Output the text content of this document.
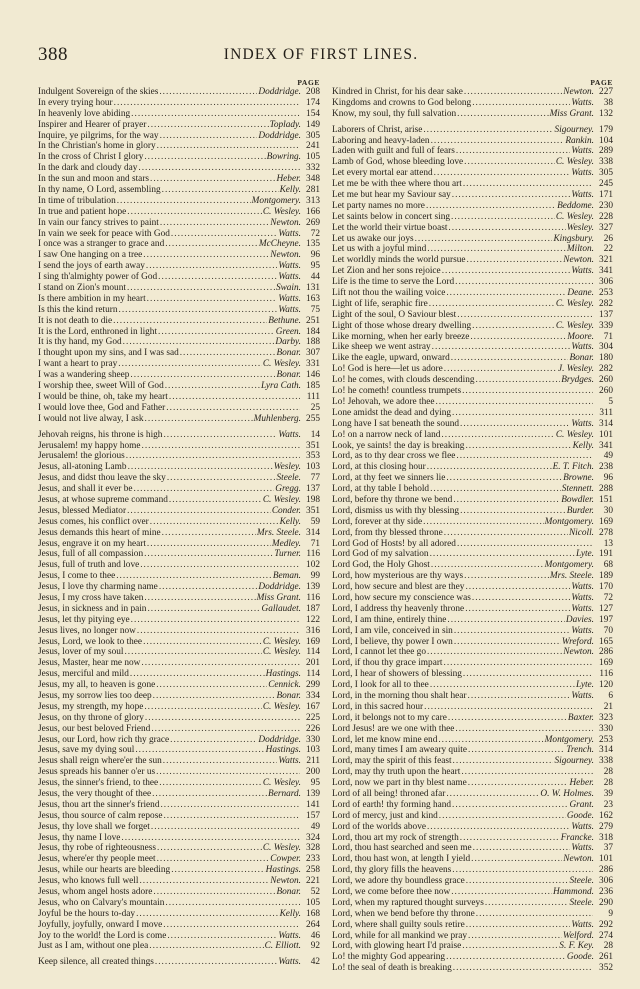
388	INDEX OF FIRST LINES.
PAGE
Indulgent Sovereign of the skies .....	Doddridge. 208
In every trying hour .....	174
In heavenly love abiding .....	154
Inspirer and Hearer of prayer .....	Toplady. 149
Inquire, ye pilgrims, for the way .....	Doddridge. 305
In the Christian's home in glory .....	241
In the cross of Christ I glory .....	Bowring. 105
In the dark and cloudy day .....	332
In the sun and moon and stars .....	Heber. 348
In thy name, O Lord, assembling .....	Kelly. 281
In time of tribulation .....	Montgomery. 313
In true and patient hope .....	C. Wesley. 166
In vain our fancy strives to paint .....	Newton. 269
In vain we seek for peace with God .....	Watts.	72
I once was a stranger to grace and .....	McCheyne. 135
I saw One hanging on a tree .....	Newton.	96
I send the joys of earth away .....	Watts.	95
I sing th'almighty power of God .....	Watts.	44
I stand on Zion's mount .....	Swain. 131
Is there ambition in my heart .....	Watts. 163
Is this the kind return .....	Watts.	75
It is not death to die .....	Bethune. 251
It is the Lord, enthroned in light .....	Green. 184
It is thy hand, my God .....	Darby. 188
I thought upon my sins, and I was sad .....	Bonar. 307
I want a heart to pray .....	C. Wesley. 331
I was a wandering sheep .....	Bonar. 146
I worship thee, sweet Will of God .....	Lyra Cath. 185
I would be thine, oh, take my heart .....	111
I would love thee, God and Father .....	25
I would not live alway, I ask .....	Muhlenberg. 255
Jehovah reigns, his throne is high .....	Watts.	14
Jerusalem! my happy home .....	351
Jerusalem! the glorious .....	353
Jesus, all-atoning Lamb .....	Wesley. 103
Jesus, and didst thou leave the sky .....	Steele.	77
Jesus, and shall it ever be .....	Gregg. 137
Jesus, at whose supreme command .....	C. Wesley. 198
Jesus, blessed Mediator .....	Conder. 351
Jesus comes, his conflict over .....	Kelly.	59
Jesus demands this heart of mine .....	Mrs. Steele. 314
Jesus, engrave it on my heart .....	Medley.	71
Jesus, full of all compassion .....	Turner. 116
Jesus, full of truth and love .....	102
Jesus, I come to thee .....	Beman.	99
Jesus, I love thy charming name .....	Doddridge. 139
Jesus, I my cross have taken .....	Miss Grant. 116
Jesus, in sickness and in pain .....	Gallaudet. 187
Jesus, let thy pitying eye .....	122
Jesus lives, no longer now .....	316
Jesus, Lord, we look to thee .....	C. Wesley. 169
Jesus, lover of my soul .....	C. Wesley. 114
Jesus, Master, hear me now .....	201
Jesus, merciful and mild .....	Hastings. 114
Jesus, my all, to heaven is gone .....	Cennick. 299
Jesus, my sorrow lies too deep .....	Bonar. 334
Jesus, my strength, my hope .....	C. Wesley. 167
Jesus, on thy throne of glory .....	225
Jesus, our best beloved Friend .....	226
Jesus, our Lord, how rich thy grace .....	Doddridge. 330
Jesus, save my dying soul .....	Hastings. 103
Jesus shall reign where'er the sun .....	Watts. 211
Jesus spreads his banner o'er us .....	200
Jesus, the sinner's friend, to thee .....	C. Wesley.	95
Jesus, the very thought of thee .....	Bernard. 139
Jesus, thou art the sinner's friend .....	141
Jesus, thou source of calm repose .....	157
Jesus, thy love shall we forget .....	49
Jesus, thy name I love .....	324
Jesus, thy robe of righteousness .....	C. Wesley. 328
Jesus, where'er thy people meet .....	Cowper. 233
Jesus, while our hearts are bleeding .....	Hastings. 258
Jesus, who knows full well .....	Newton. 221
Jesus, whom angel hosts adore .....	Bonar.	52
Jesus, who on Calvary's mountain .....	105
Joyful be the hours to-day .....	Kelly. 168
Joyfully, joyfully, onward I move .....	264
Joy to the world! the Lord is come .....	Watts.	46
Just as I am, without one plea .....	C. Elliott.	92
Keep silence, all created things .....	Watts.	42
PAGE
Kindred in Christ, for his dear sake .....	Newton. 227
Kingdoms and crowns to God belong .....	Watts.	38
Know, my soul, thy full salvation .....	Miss Grant. 132
Laborers of Christ, arise .....	Sigourney. 179
Laboring and heavy-laden .....	Rankin. 104
Laden with guilt and full of fears .....	Watts. 289
Lamb of God, whose bleeding love .....	C. Wesley. 338
Let every mortal ear attend .....	Watts. 305
Let me be with thee where thou art .....	245
Let me but hear my Saviour say .....	Watts. 171
Let party names no more .....	Beddome. 230
Let saints below in concert sing .....	C. Wesley. 228
Let the world their virtue boast .....	Wesley. 327
Let us awake our joys .....	Kingsbury.	26
Let us with a joyful mind .....	Milton.	22
Let worldly minds the world pursue .....	Newton. 321
Let Zion and her sons rejoice .....	Watts. 341
Life is the time to serve the Lord .....	306
Lift not thou the wailing voice .....	Deane. 253
Light of life, seraphic fire .....	C. Wesley. 282
Light of the soul, O Saviour blest .....	137
Light of those whose dreary dwelling .....	C. Wesley. 339
Like morning, when her early breeze .....	Moore.	71
Like sheep we went astray .....	Watts. 304
Like the eagle, upward, onward .....	Bonar. 180
Lo! God is here—let us adore .....	J. Wesley. 282
Lo! he comes, with clouds descending .....	Brydges. 260
Lo! he cometh! countless trumpets .....	260
Lo! Jehovah, we adore thee .....	5
Lone amidst the dead and dying .....	311
Long have I sat beneath the sound .....	Watts. 314
Lo! on a narrow neck of land .....	C. Wesley. 101
Look, ye saints! the day is breaking .....	Kelly. 341
Lord, as to thy dear cross we flee .....	49
Lord, at this closing hour .....	E. T. Fitch. 238
Lord, at thy feet we sinners lie .....	Browne.	96
Lord, at thy table I behold .....	Stennett. 288
Lord, before thy throne we bend .....	Bowdler. 151
Lord, dismiss us with thy blessing .....	Burder.	30
Lord, forever at thy side .....	Montgomery. 169
Lord, from thy blessed throne .....	Nicoll. 278
Lord God of Hosts! by all adored .....	13
Lord God of my salvation .....	Lyte. 191
Lord God, the Holy Ghost .....	Montgomery.	68
Lord, how mysterious are thy ways .....	Mrs. Steele. 189
Lord, how secure and blest are they .....	Watts. 170
Lord, how secure my conscience was .....	Watts.	72
Lord, I address thy heavenly throne .....	Watts. 127
Lord, I am thine, entirely thine .....	Davies. 197
Lord, I am vile, conceived in sin .....	Watts.	70
Lord, I believe, thy power I own .....	Wreford. 165
Lord, I cannot let thee go .....	Newton. 286
Lord, if thou thy grace impart .....	169
Lord, I hear of showers of blessing .....	116
Lord, I look for all to thee .....	Lyte. 120
Lord, in the morning thou shalt hear .....	Watts.	6
Lord, in this sacred hour .....	21
Lord, it belongs not to my care .....	Baxter. 323
Lord Jesus! are we one with thee .....	330
Lord, let me know mine end .....	Montgomery. 253
Lord, many times I am aweary quite .....	Trench. 314
Lord, may the spirit of this feast .....	Sigourney. 338
Lord, may thy truth upon the heart .....	28
Lord, now we part in thy blest name .....	Heber.	28
Lord of all being! throned afar .....	O. W. Holmes.	39
Lord of earth! thy forming hand .....	Grant.	23
Lord of mercy, just and kind .....	Goode. 162
Lord of the worlds above .....	Watts. 279
Lord, thou art my rock of strength .....	Francke. 318
Lord, thou hast searched and seen me .....	Watts.	37
Lord, thou hast won, at length I yield .....	Newton. 101
Lord, thy glory fills the heavens .....	286
Lord, we adore thy boundless grace .....	Steele. 306
Lord, we come before thee now .....	Hammond. 236
Lord, when my raptured thought surveys .....	Steele. 290
Lord, when we bend before thy throne .....	9
Lord, where shall guilty souls retire .....	Watts. 292
Lord, while for all mankind we pray .....	Welford. 274
Lord, with glowing heart I'd praise .....	S. F. Key.	28
Lo! the mighty God appearing .....	Goode. 261
Lo! the seal of death is breaking .....	352
